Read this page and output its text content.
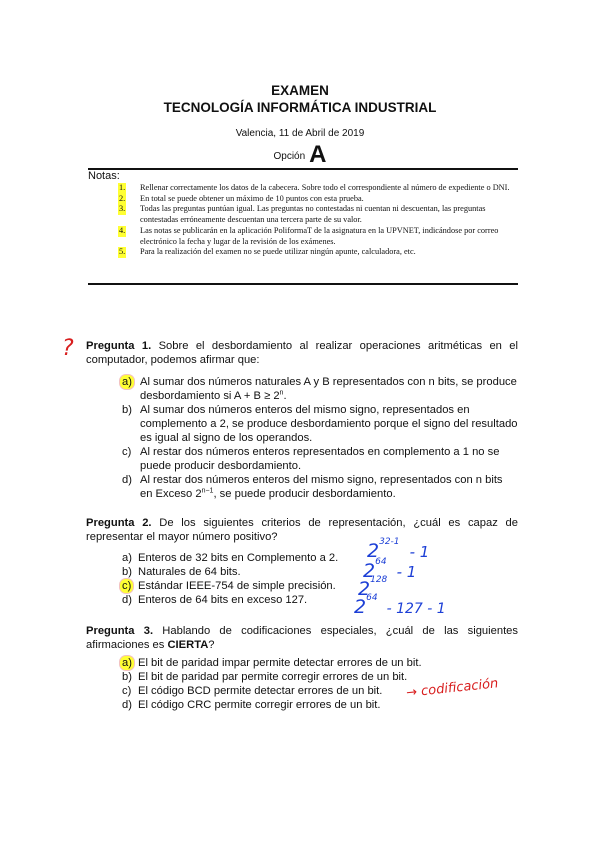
EXAMEN
TECNOLOGÍA INFORMÁTICA INDUSTRIAL
Valencia, 11 de Abril de 2019
Opción A
Notas:
1. Rellenar correctamente los datos de la cabecera. Sobre todo el correspondiente al número de expediente o DNI.
2. En total se puede obtener un máximo de 10 puntos con esta prueba.
3. Todas las preguntas puntúan igual. Las preguntas no contestadas ni cuentan ni descuentan, las preguntas contestadas erróneamente descuentan una tercera parte de su valor.
4. Las notas se publicarán en la aplicación PoliformaT de la asignatura en la UPVNET, indicándose por correo electrónico la fecha y lugar de la revisión de los exámenes.
5. Para la realización del examen no se puede utilizar ningún apunte, calculadora, etc.
? Pregunta 1. Sobre el desbordamiento al realizar operaciones aritméticas en el computador, podemos afirmar que:

a) Al sumar dos números naturales A y B representados con n bits, se produce desbordamiento si $A + B \ge 2^n$.
b) Al sumar dos números enteros del mismo signo, representados en complemento a 2, se produce desbordamiento porque el signo del resultado es igual al signo de los operandos.
c) Al restar dos números enteros representados en complemento a 1 no se puede producir desbordamiento.
d) Al restar dos números enteros del mismo signo, representados con n bits en Exceso $2^{n-1}$, se puede producir desbordamiento.

Pregunta 2. De los siguientes criterios de representación, ¿cuál es capaz de representar el mayor número positivo?

a) Enteros de 32 bits en Complemento a 2.
b) Naturales de 64 bits.
c) Estándar IEEE-754 de simple precisión.
d) Enteros de 64 bits en exceso 127.
2$^{32-1}$ - 1
$2^{64} - 1$
$2^{128}$
$2^{64} - 127 - 1$

Pregunta 3. Hablando de codificaciones especiales, ¿cuál de las siguientes afirmaciones es CIERTA?

a) El bit de paridad impar permite detectar errores de un bit.
b) El bit de paridad par permite corregir errores de un bit.
c) El código BCD permite detectar errores de un bit.
d) El código CRC permite corregir errores de un bit.
→ codificación
